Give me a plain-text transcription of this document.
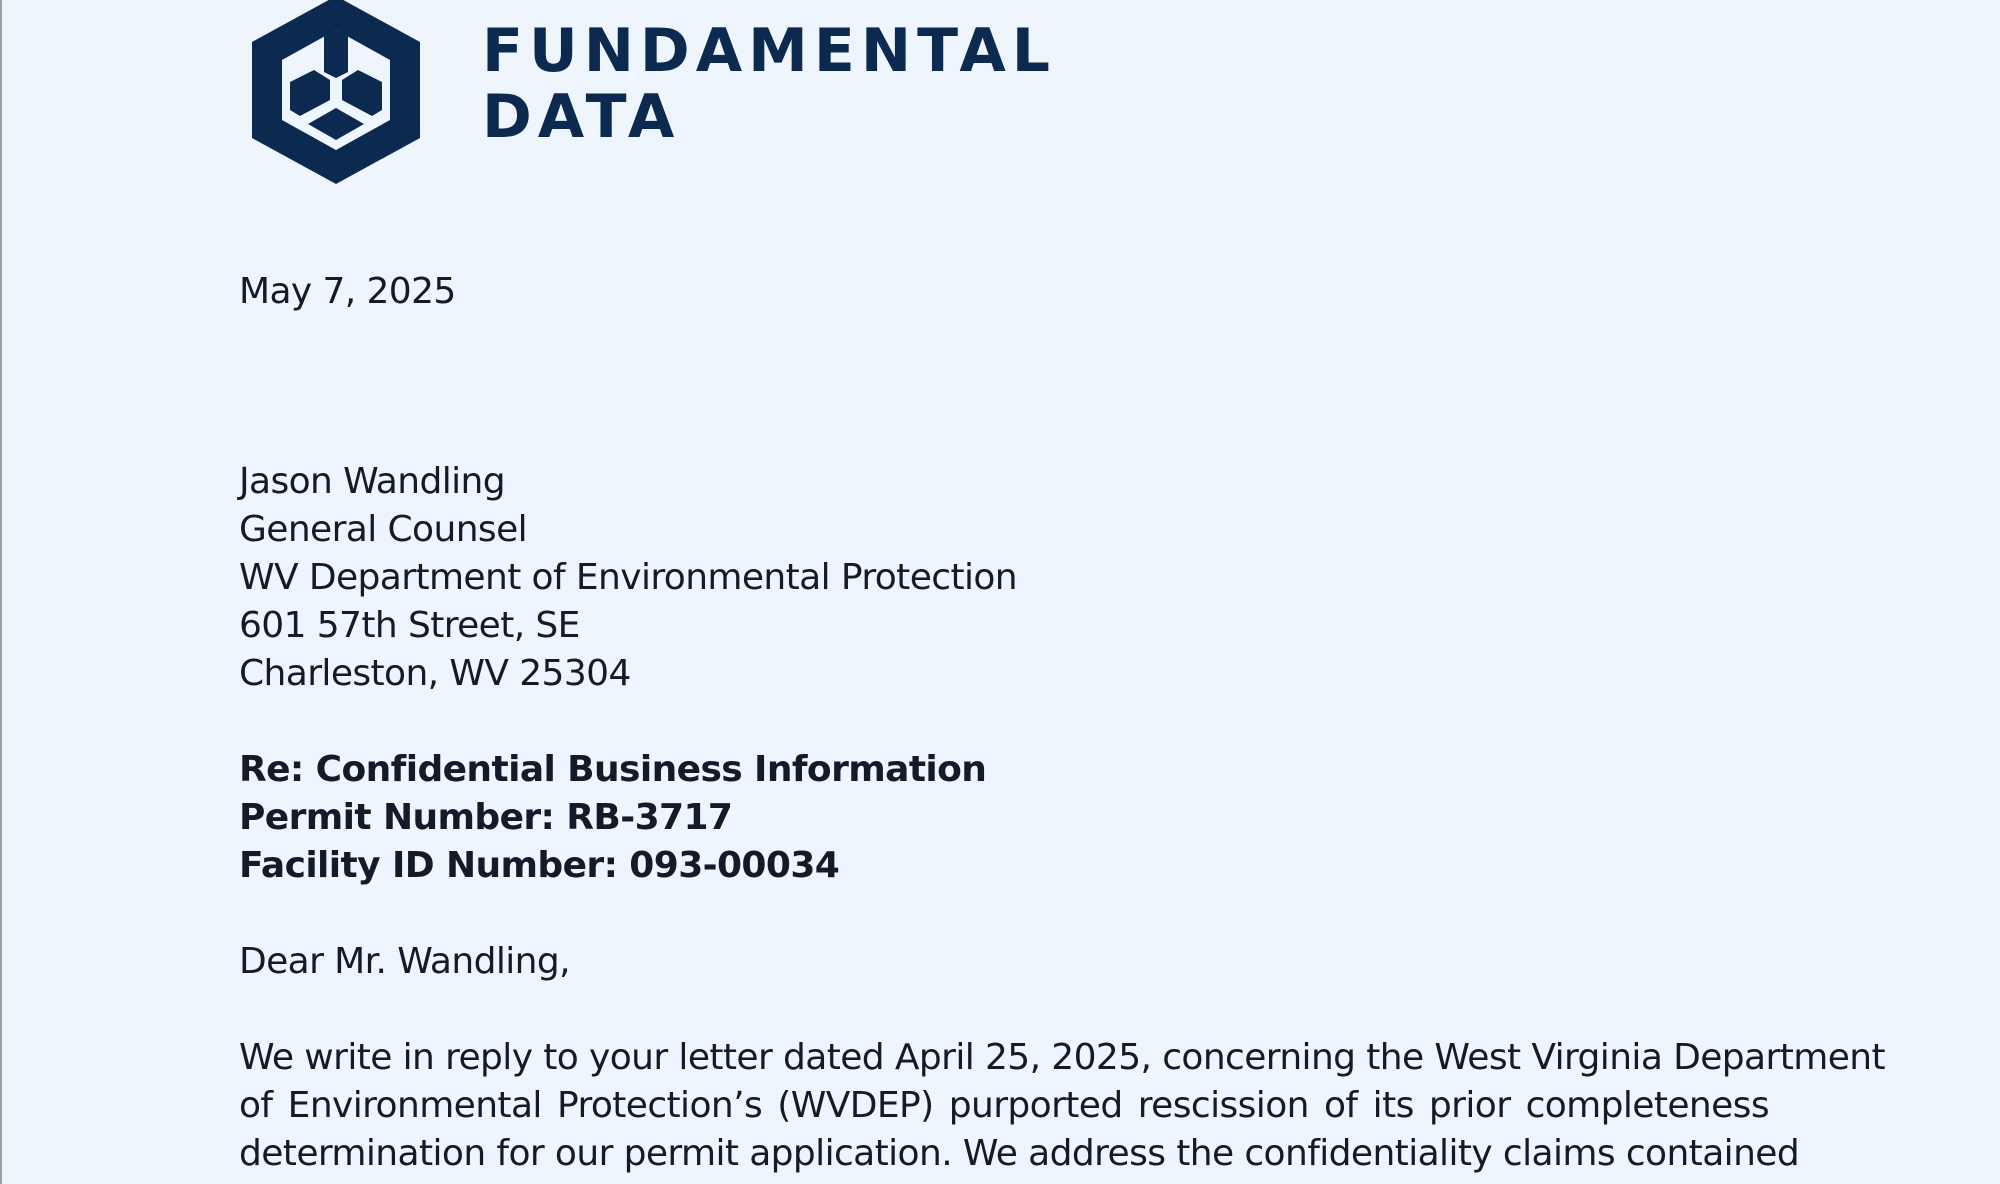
FUNDAMENTAL
DATA
May 7, 2025
Jason Wandling
General Counsel
WV Department of Environmental Protection
601 57th Street, SE
Charleston, WV 25304
Re: Confidential Business Information
Permit Number: RB-3717
Facility ID Number: 093-00034
Dear Mr. Wandling,
We write in reply to your letter dated April 25, 2025, concerning the West Virginia Department
of Environmental Protection’s (WVDEP) purported rescission of its prior completeness
determination for our permit application. We address the confidentiality claims contained
